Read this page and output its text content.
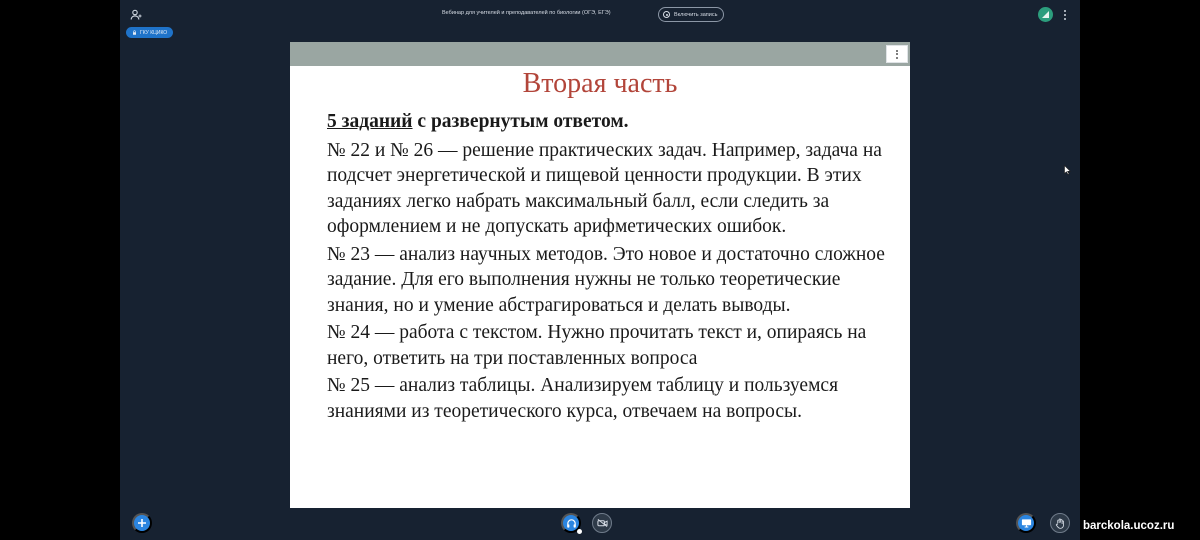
ГКУ КЦИКО
Вебинар для учителей и преподавателей по биологии (ОГЭ, ЕГЭ)	Включить запись
Вторая часть
5 заданий с развернутым ответом.

№ 22 и № 26 — решение практических задач. Например, задача на подсчет энергетической и пищевой ценности продукции. В этих заданиях легко набрать максимальный балл, если следить за оформлением и не допускать арифметических ошибок.

№ 23 — анализ научных методов. Это новое и достаточно сложное задание. Для его выполнения нужны не только теоретические знания, но и умение абстрагироваться и делать выводы.

№ 24 — работа с текстом. Нужно прочитать текст и, опираясь на него, ответить на три поставленных вопроса

№ 25 — анализ таблицы. Анализируем таблицу и пользуемся знаниями из теоретического курса, отвечаем на вопросы.

barckola.ucoz.ru
